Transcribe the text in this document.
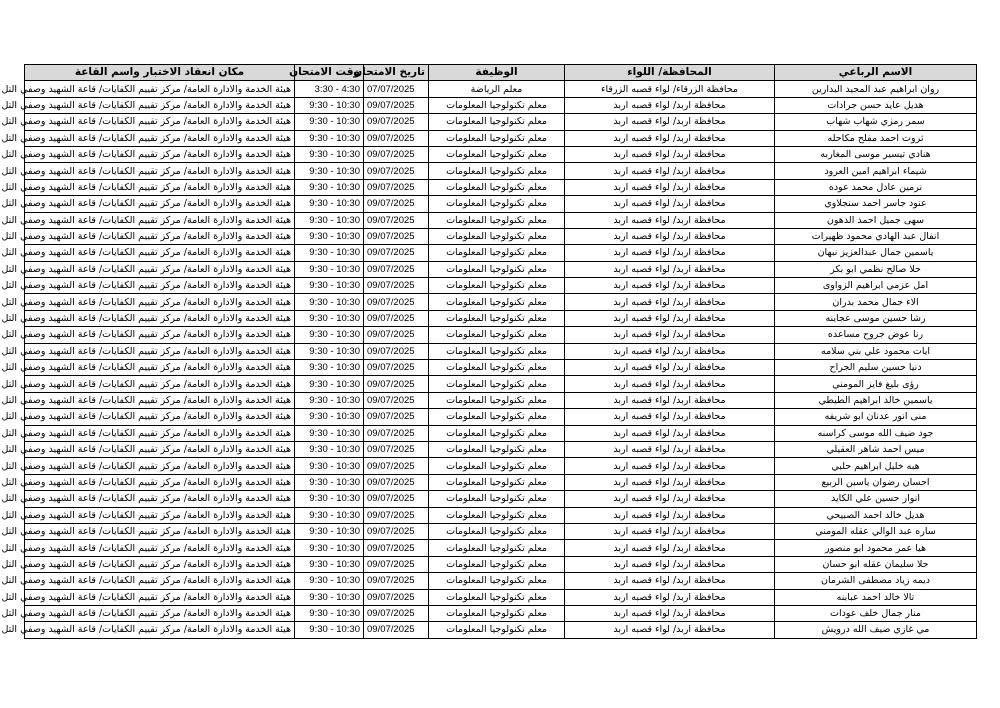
الاسم الرباعي	المحافظة/ اللواء	الوظيفة	تاريخ الامتحان	وقت الامتحان	مكان انعقاد الاختبار واسم القاعة
روان ابراهيم عبد المجيد البدارين	محافظة الزرقاء/ لواء قصبه الزرقاء	معلم الرياضة	07/07/2025	3:30 - 4:30	هيئة الخدمة والادارة العامة/ مركز تقييم الكفايات/ قاعة الشهيد وصفي التل
هديل عايد حسن جرادات	محافظة اربد/ لواء قصبه اربد	معلم تكنولوجيا المعلومات	09/07/2025	9:30 - 10:30	هيئة الخدمة والادارة العامة/ مركز تقييم الكفايات/ قاعة الشهيد وصفي التل
سمر رمزي شهاب شهاب	محافظة اربد/ لواء قصبه اربد	معلم تكنولوجيا المعلومات	09/07/2025	9:30 - 10:30	هيئة الخدمة والادارة العامة/ مركز تقييم الكفايات/ قاعة الشهيد وصفي التل
ثروت احمد مفلح مكاحله	محافظة اربد/ لواء قصبه اربد	معلم تكنولوجيا المعلومات	09/07/2025	9:30 - 10:30	هيئة الخدمة والادارة العامة/ مركز تقييم الكفايات/ قاعة الشهيد وصفي التل
هنادي تيسير موسى المغاربه	محافظة اربد/ لواء قصبه اربد	معلم تكنولوجيا المعلومات	09/07/2025	9:30 - 10:30	هيئة الخدمة والادارة العامة/ مركز تقييم الكفايات/ قاعة الشهيد وصفي التل
شيماء ابراهيم امين العرود	محافظة اربد/ لواء قصبه اربد	معلم تكنولوجيا المعلومات	09/07/2025	9:30 - 10:30	هيئة الخدمة والادارة العامة/ مركز تقييم الكفايات/ قاعة الشهيد وصفي التل
نرمين عادل محمد عوده	محافظة اربد/ لواء قصبه اربد	معلم تكنولوجيا المعلومات	09/07/2025	9:30 - 10:30	هيئة الخدمة والادارة العامة/ مركز تقييم الكفايات/ قاعة الشهيد وصفي التل
عنود جاسر احمد سنجلاوي	محافظة اربد/ لواء قصبه اربد	معلم تكنولوجيا المعلومات	09/07/2025	9:30 - 10:30	هيئة الخدمة والادارة العامة/ مركز تقييم الكفايات/ قاعة الشهيد وصفي التل
سهى جميل احمد الدهون	محافظة اربد/ لواء قصبه اربد	معلم تكنولوجيا المعلومات	09/07/2025	9:30 - 10:30	هيئة الخدمة والادارة العامة/ مركز تقييم الكفايات/ قاعة الشهيد وصفي التل
انفال عبد الهادي محمود ظهيرات	محافظة اربد/ لواء قصبه اربد	معلم تكنولوجيا المعلومات	09/07/2025	9:30 - 10:30	هيئة الخدمة والادارة العامة/ مركز تقييم الكفايات/ قاعة الشهيد وصفي التل
ياسمين جمال عبدالعزيز نبهان	محافظة اربد/ لواء قصبه اربد	معلم تكنولوجيا المعلومات	09/07/2025	9:30 - 10:30	هيئة الخدمة والادارة العامة/ مركز تقييم الكفايات/ قاعة الشهيد وصفي التل
حلا صالح نظمي ابو بكر	محافظة اربد/ لواء قصبه اربد	معلم تكنولوجيا المعلومات	09/07/2025	9:30 - 10:30	هيئة الخدمة والادارة العامة/ مركز تقييم الكفايات/ قاعة الشهيد وصفي التل
امل عزمي ابراهيم الزواوى	محافظة اربد/ لواء قصبه اربد	معلم تكنولوجيا المعلومات	09/07/2025	9:30 - 10:30	هيئة الخدمة والادارة العامة/ مركز تقييم الكفايات/ قاعة الشهيد وصفي التل
الاء جمال محمد بدران	محافظة اربد/ لواء قصبه اربد	معلم تكنولوجيا المعلومات	09/07/2025	9:30 - 10:30	هيئة الخدمة والادارة العامة/ مركز تقييم الكفايات/ قاعة الشهيد وصفي التل
رشا حسين موسى عجاينه	محافظة اربد/ لواء قصبه اربد	معلم تكنولوجيا المعلومات	09/07/2025	9:30 - 10:30	هيئة الخدمة والادارة العامة/ مركز تقييم الكفايات/ قاعة الشهيد وصفي التل
رنا عوض جروح مساعده	محافظة اربد/ لواء قصبه اربد	معلم تكنولوجيا المعلومات	09/07/2025	9:30 - 10:30	هيئة الخدمة والادارة العامة/ مركز تقييم الكفايات/ قاعة الشهيد وصفي التل
ايات محمود علي بني سلامه	محافظة اربد/ لواء قصبه اربد	معلم تكنولوجيا المعلومات	09/07/2025	9:30 - 10:30	هيئة الخدمة والادارة العامة/ مركز تقييم الكفايات/ قاعة الشهيد وصفي التل
دنيا حسين سليم الجراح	محافظة اربد/ لواء قصبه اربد	معلم تكنولوجيا المعلومات	09/07/2025	9:30 - 10:30	هيئة الخدمة والادارة العامة/ مركز تقييم الكفايات/ قاعة الشهيد وصفي التل
رؤى بليغ فايز المومني	محافظة اربد/ لواء قصبه اربد	معلم تكنولوجيا المعلومات	09/07/2025	9:30 - 10:30	هيئة الخدمة والادارة العامة/ مركز تقييم الكفايات/ قاعة الشهيد وصفي التل
ياسمين خالد ابراهيم الطيطي	محافظة اربد/ لواء قصبه اربد	معلم تكنولوجيا المعلومات	09/07/2025	9:30 - 10:30	هيئة الخدمة والادارة العامة/ مركز تقييم الكفايات/ قاعة الشهيد وصفي التل
منى انور عدنان ابو شريفه	محافظة اربد/ لواء قصبه اربد	معلم تكنولوجيا المعلومات	09/07/2025	9:30 - 10:30	هيئة الخدمة والادارة العامة/ مركز تقييم الكفايات/ قاعة الشهيد وصفي التل
جود ضيف الله موسى كراسنه	محافظة اربد/ لواء قصبه اربد	معلم تكنولوجيا المعلومات	09/07/2025	9:30 - 10:30	هيئة الخدمة والادارة العامة/ مركز تقييم الكفايات/ قاعة الشهيد وصفي التل
ميس احمد شاهر العقيلي	محافظة اربد/ لواء قصبه اربد	معلم تكنولوجيا المعلومات	09/07/2025	9:30 - 10:30	هيئة الخدمة والادارة العامة/ مركز تقييم الكفايات/ قاعة الشهيد وصفي التل
هبه خليل ابراهيم حلبي	محافظة اربد/ لواء قصبه اربد	معلم تكنولوجيا المعلومات	09/07/2025	9:30 - 10:30	هيئة الخدمة والادارة العامة/ مركز تقييم الكفايات/ قاعة الشهيد وصفي التل
احسان رضوان ياسين الربيع	محافظة اربد/ لواء قصبه اربد	معلم تكنولوجيا المعلومات	09/07/2025	9:30 - 10:30	هيئة الخدمة والادارة العامة/ مركز تقييم الكفايات/ قاعة الشهيد وصفي التل
انوار حسين علي الكايد	محافظة اربد/ لواء قصبه اربد	معلم تكنولوجيا المعلومات	09/07/2025	9:30 - 10:30	هيئة الخدمة والادارة العامة/ مركز تقييم الكفايات/ قاعة الشهيد وصفي التل
هديل خالد احمد الصبيحي	محافظة اربد/ لواء قصبه اربد	معلم تكنولوجيا المعلومات	09/07/2025	9:30 - 10:30	هيئة الخدمة والادارة العامة/ مركز تقييم الكفايات/ قاعة الشهيد وصفي التل
ساره عبد الوالي عقله المومني	محافظة اربد/ لواء قصبه اربد	معلم تكنولوجيا المعلومات	09/07/2025	9:30 - 10:30	هيئة الخدمة والادارة العامة/ مركز تقييم الكفايات/ قاعة الشهيد وصفي التل
هيا عمر محمود ابو منصور	محافظة اربد/ لواء قصبه اربد	معلم تكنولوجيا المعلومات	09/07/2025	9:30 - 10:30	هيئة الخدمة والادارة العامة/ مركز تقييم الكفايات/ قاعة الشهيد وصفي التل
حلا سليمان عقله ابو حسان	محافظة اربد/ لواء قصبه اربد	معلم تكنولوجيا المعلومات	09/07/2025	9:30 - 10:30	هيئة الخدمة والادارة العامة/ مركز تقييم الكفايات/ قاعة الشهيد وصفي التل
ديمه زياد مصطفى الشرمان	محافظة اربد/ لواء قصبه اربد	معلم تكنولوجيا المعلومات	09/07/2025	9:30 - 10:30	هيئة الخدمة والادارة العامة/ مركز تقييم الكفايات/ قاعة الشهيد وصفي التل
تالا خالد احمد عبابنه	محافظة اربد/ لواء قصبه اربد	معلم تكنولوجيا المعلومات	09/07/2025	9:30 - 10:30	هيئة الخدمة والادارة العامة/ مركز تقييم الكفايات/ قاعة الشهيد وصفي التل
منار جمال خلف عودات	محافظة اربد/ لواء قصبه اربد	معلم تكنولوجيا المعلومات	09/07/2025	9:30 - 10:30	هيئة الخدمة والادارة العامة/ مركز تقييم الكفايات/ قاعة الشهيد وصفي التل
مي غازي ضيف الله درويش	محافظة اربد/ لواء قصبه اربد	معلم تكنولوجيا المعلومات	09/07/2025	9:30 - 10:30	هيئة الخدمة والادارة العامة/ مركز تقييم الكفايات/ قاعة الشهيد وصفي التل
